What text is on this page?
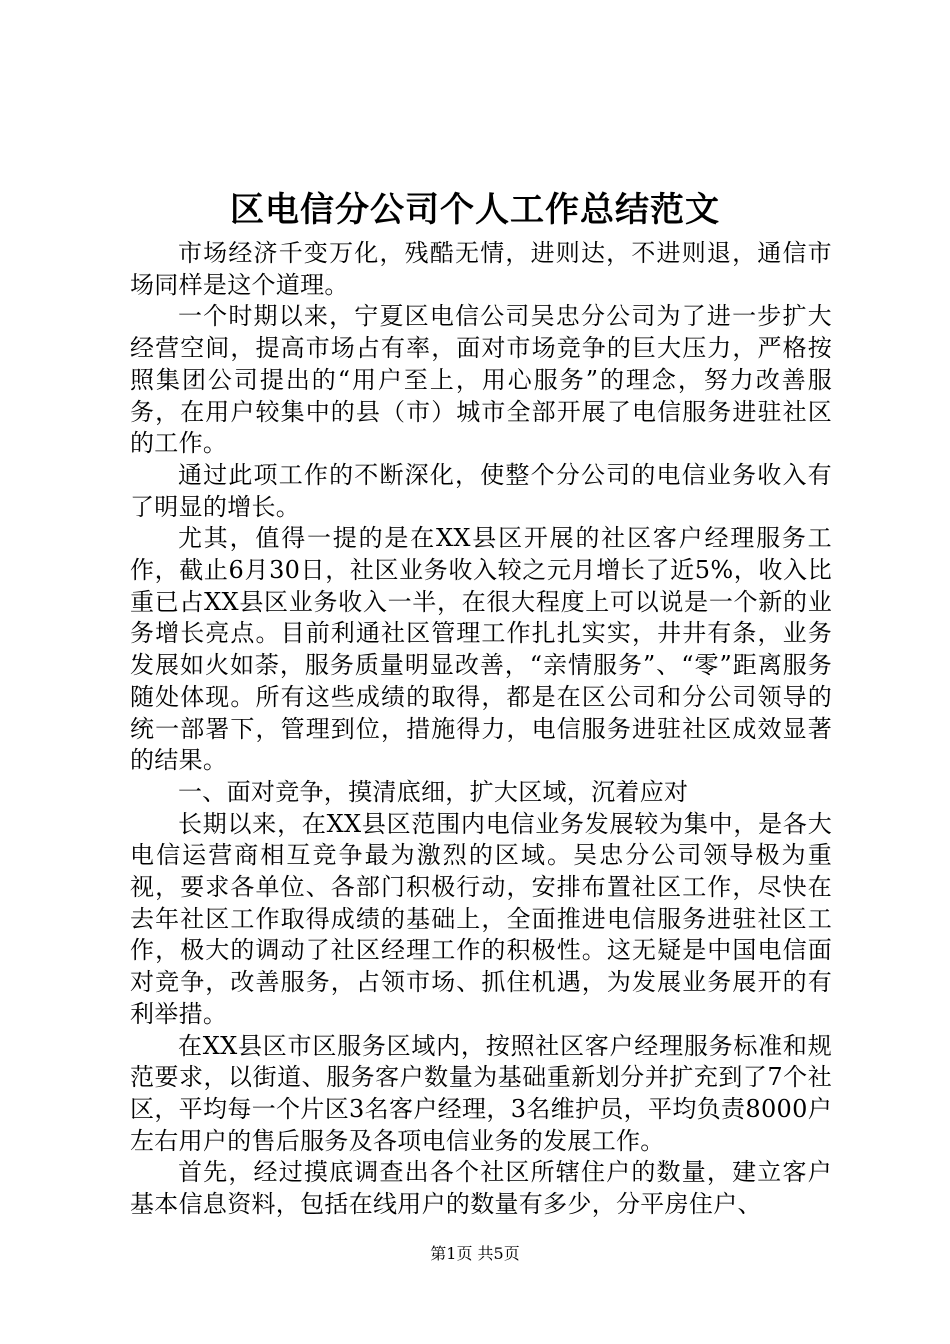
区电信分公司个人工作总结范文

市场经济千变万化，残酷无情，进则达，不进则退，通信市场同样是这个道理。

一个时期以来，宁夏区电信公司吴忠分公司为了进一步扩大经营空间，提高市场占有率，面对市场竞争的巨大压力，严格按照集团公司提出的“用户至上，用心服务”的理念，努力改善服务，在用户较集中的县（市）城市全部开展了电信服务进驻社区的工作。

通过此项工作的不断深化，使整个分公司的电信业务收入有了明显的增长。

尤其，值得一提的是在XX县区开展的社区客户经理服务工作，截止6月30日，社区业务收入较之元月增长了近5%，收入比重已占XX县区业务收入一半，在很大程度上可以说是一个新的业务增长亮点。目前利通社区管理工作扎扎实实，井井有条，业务发展如火如荼，服务质量明显改善，“亲情服务”、“零”距离服务随处体现。所有这些成绩的取得，都是在区公司和分公司领导的统一部署下，管理到位，措施得力，电信服务进驻社区成效显著的结果。

一、面对竞争，摸清底细，扩大区域，沉着应对

长期以来，在XX县区范围内电信业务发展较为集中，是各大电信运营商相互竞争最为激烈的区域。吴忠分公司领导极为重视，要求各单位、各部门积极行动，安排布置社区工作，尽快在去年社区工作取得成绩的基础上，全面推进电信服务进驻社区工作，极大的调动了社区经理工作的积极性。这无疑是中国电信面对竞争，改善服务，占领市场、抓住机遇，为发展业务展开的有利举措。

在XX县区市区服务区域内，按照社区客户经理服务标准和规范要求，以街道、服务客户数量为基础重新划分并扩充到了7个社区，平均每一个片区3名客户经理，3名维护员，平均负责8000户左右用户的售后服务及各项电信业务的发展工作。

首先，经过摸底调查出各个社区所辖住户的数量，建立客户基本信息资料，包括在线用户的数量有多少，分平房住户、

第1页 共5页
